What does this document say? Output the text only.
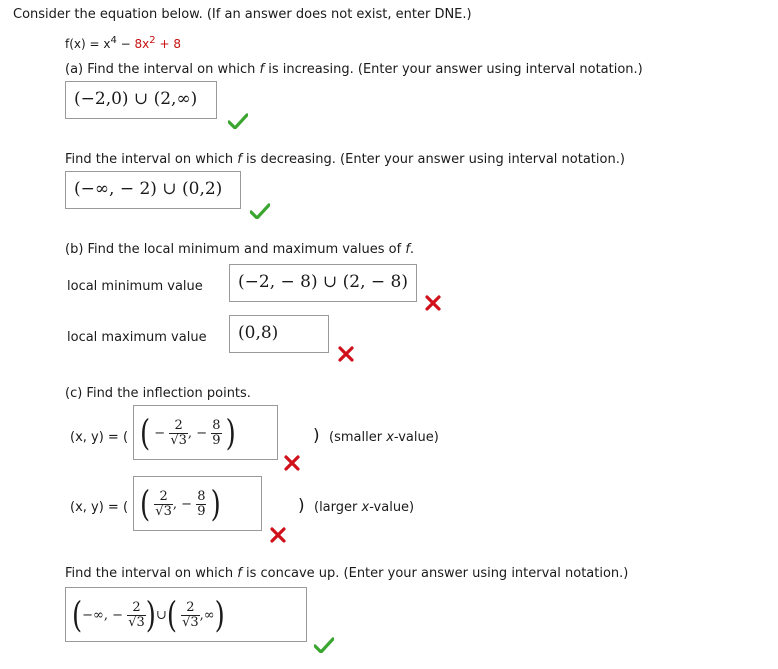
Consider the equation below. (If an answer does not exist, enter DNE.)
$f(x) = x^4 - 8x^2 + 8$
(a) Find the interval on which f is increasing. (Enter your answer using interval notation.)
(−2,0) ∪ (2,∞)
Find the interval on which f is decreasing. (Enter your answer using interval notation.)
(−∞, − 2) ∪ (0,2)
(b) Find the local minimum and maximum values of f.
local minimum value (−2, − 8) ∪ (2, − 8)
local maximum value (0,8)
(c) Find the inflection points.
(x, y) = ( ( − $\frac{2}{√3}$ , − $\frac{8}{9}$ )	) (smaller x-value)
(x, y) = ( ( $\frac{2}{√3}$ , − $\frac{8}{9}$ )	) (larger x-value)
Find the interval on which f is concave up. (Enter your answer using interval notation.)
(−∞, − $\frac{2}{√3}$ )∪( $\frac{2}{√3}$ ,∞)
